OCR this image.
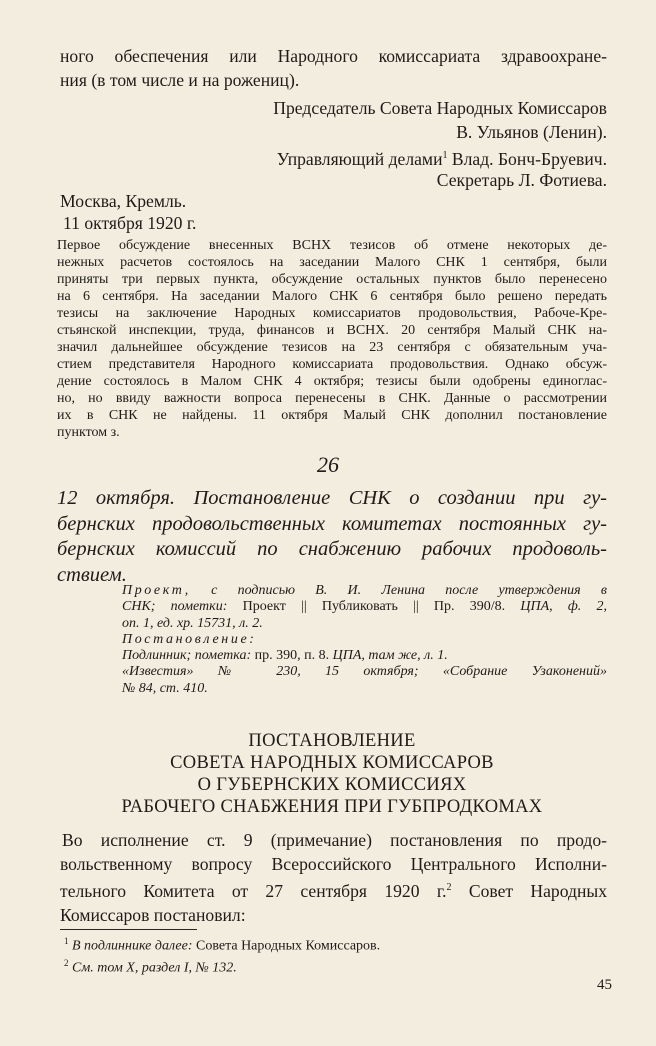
ного обеспечения или Народного комиссариата здравоохране-
ния (в том числе и на рожениц).
Председатель Совета Народных Комиссаров
В. Ульянов (Ленин).
Управляющий делами$^1$ Влад. Бонч-Бруевич.
Секретарь Л. Фотиева.
Москва, Кремль.
11 октября 1920 г.
Первое обсуждение внесенных ВСНХ тезисов об отмене некоторых де-
нежных расчетов состоялось на заседании Малого СНК 1 сентября, были
приняты три первых пункта, обсуждение остальных пунктов было перенесено
на 6 сентября. На заседании Малого СНК 6 сентября было решено передать
тезисы на заключение Народных комиссариатов продовольствия, Рабоче-Кре-
стьянской инспекции, труда, финансов и ВСНХ. 20 сентября Малый СНК на-
значил дальнейшее обсуждение тезисов на 23 сентября с обязательным уча-
стием представителя Народного комиссариата продовольствия. Однако обсуж-
дение состоялось в Малом СНК 4 октября; тезисы были одобрены единоглас-
но, но ввиду важности вопроса перенесены в СНК. Данные о рассмотрении
их в СНК не найдены. 11 октября Малый СНК дополнил постановление
пунктом з.
26
12 октября. Постановление СНК о создании при гу-
бернских продовольственных комитетах постоянных гу-
бернских комиссий по снабжению рабочих продоволь-
ствием.
Проект, с подписью В. И. Ленина после утверждения в
СНК; пометки: Проект || Публиковать || Пр. 390/8. ЦПА, ф. 2,
оп. 1, ед. хр. 15731, л. 2.
Постановление:
Подлинник; пометка: пр. 390, п. 8. ЦПА, там же, л. 1.
«Известия» № 230, 15 октября; «Собрание Узаконений»
№ 84, ст. 410.
ПОСТАНОВЛЕНИЕ
СОВЕТА НАРОДНЫХ КОМИССАРОВ
О ГУБЕРНСКИХ КОМИССИЯХ
РАБОЧЕГО СНАБЖЕНИЯ ПРИ ГУБПРОДКОМАХ
Во исполнение ст. 9 (примечание) постановления по продо-
вольственному вопросу Всероссийского Центрального Исполни-
тельного Комитета от 27 сентября 1920 г.$^2$ Совет Народных
Комиссаров постановил:
$^1$ В подлиннике далее: Совета Народных Комиссаров.
$^2$ См. том X, раздел I, № 132.
45
